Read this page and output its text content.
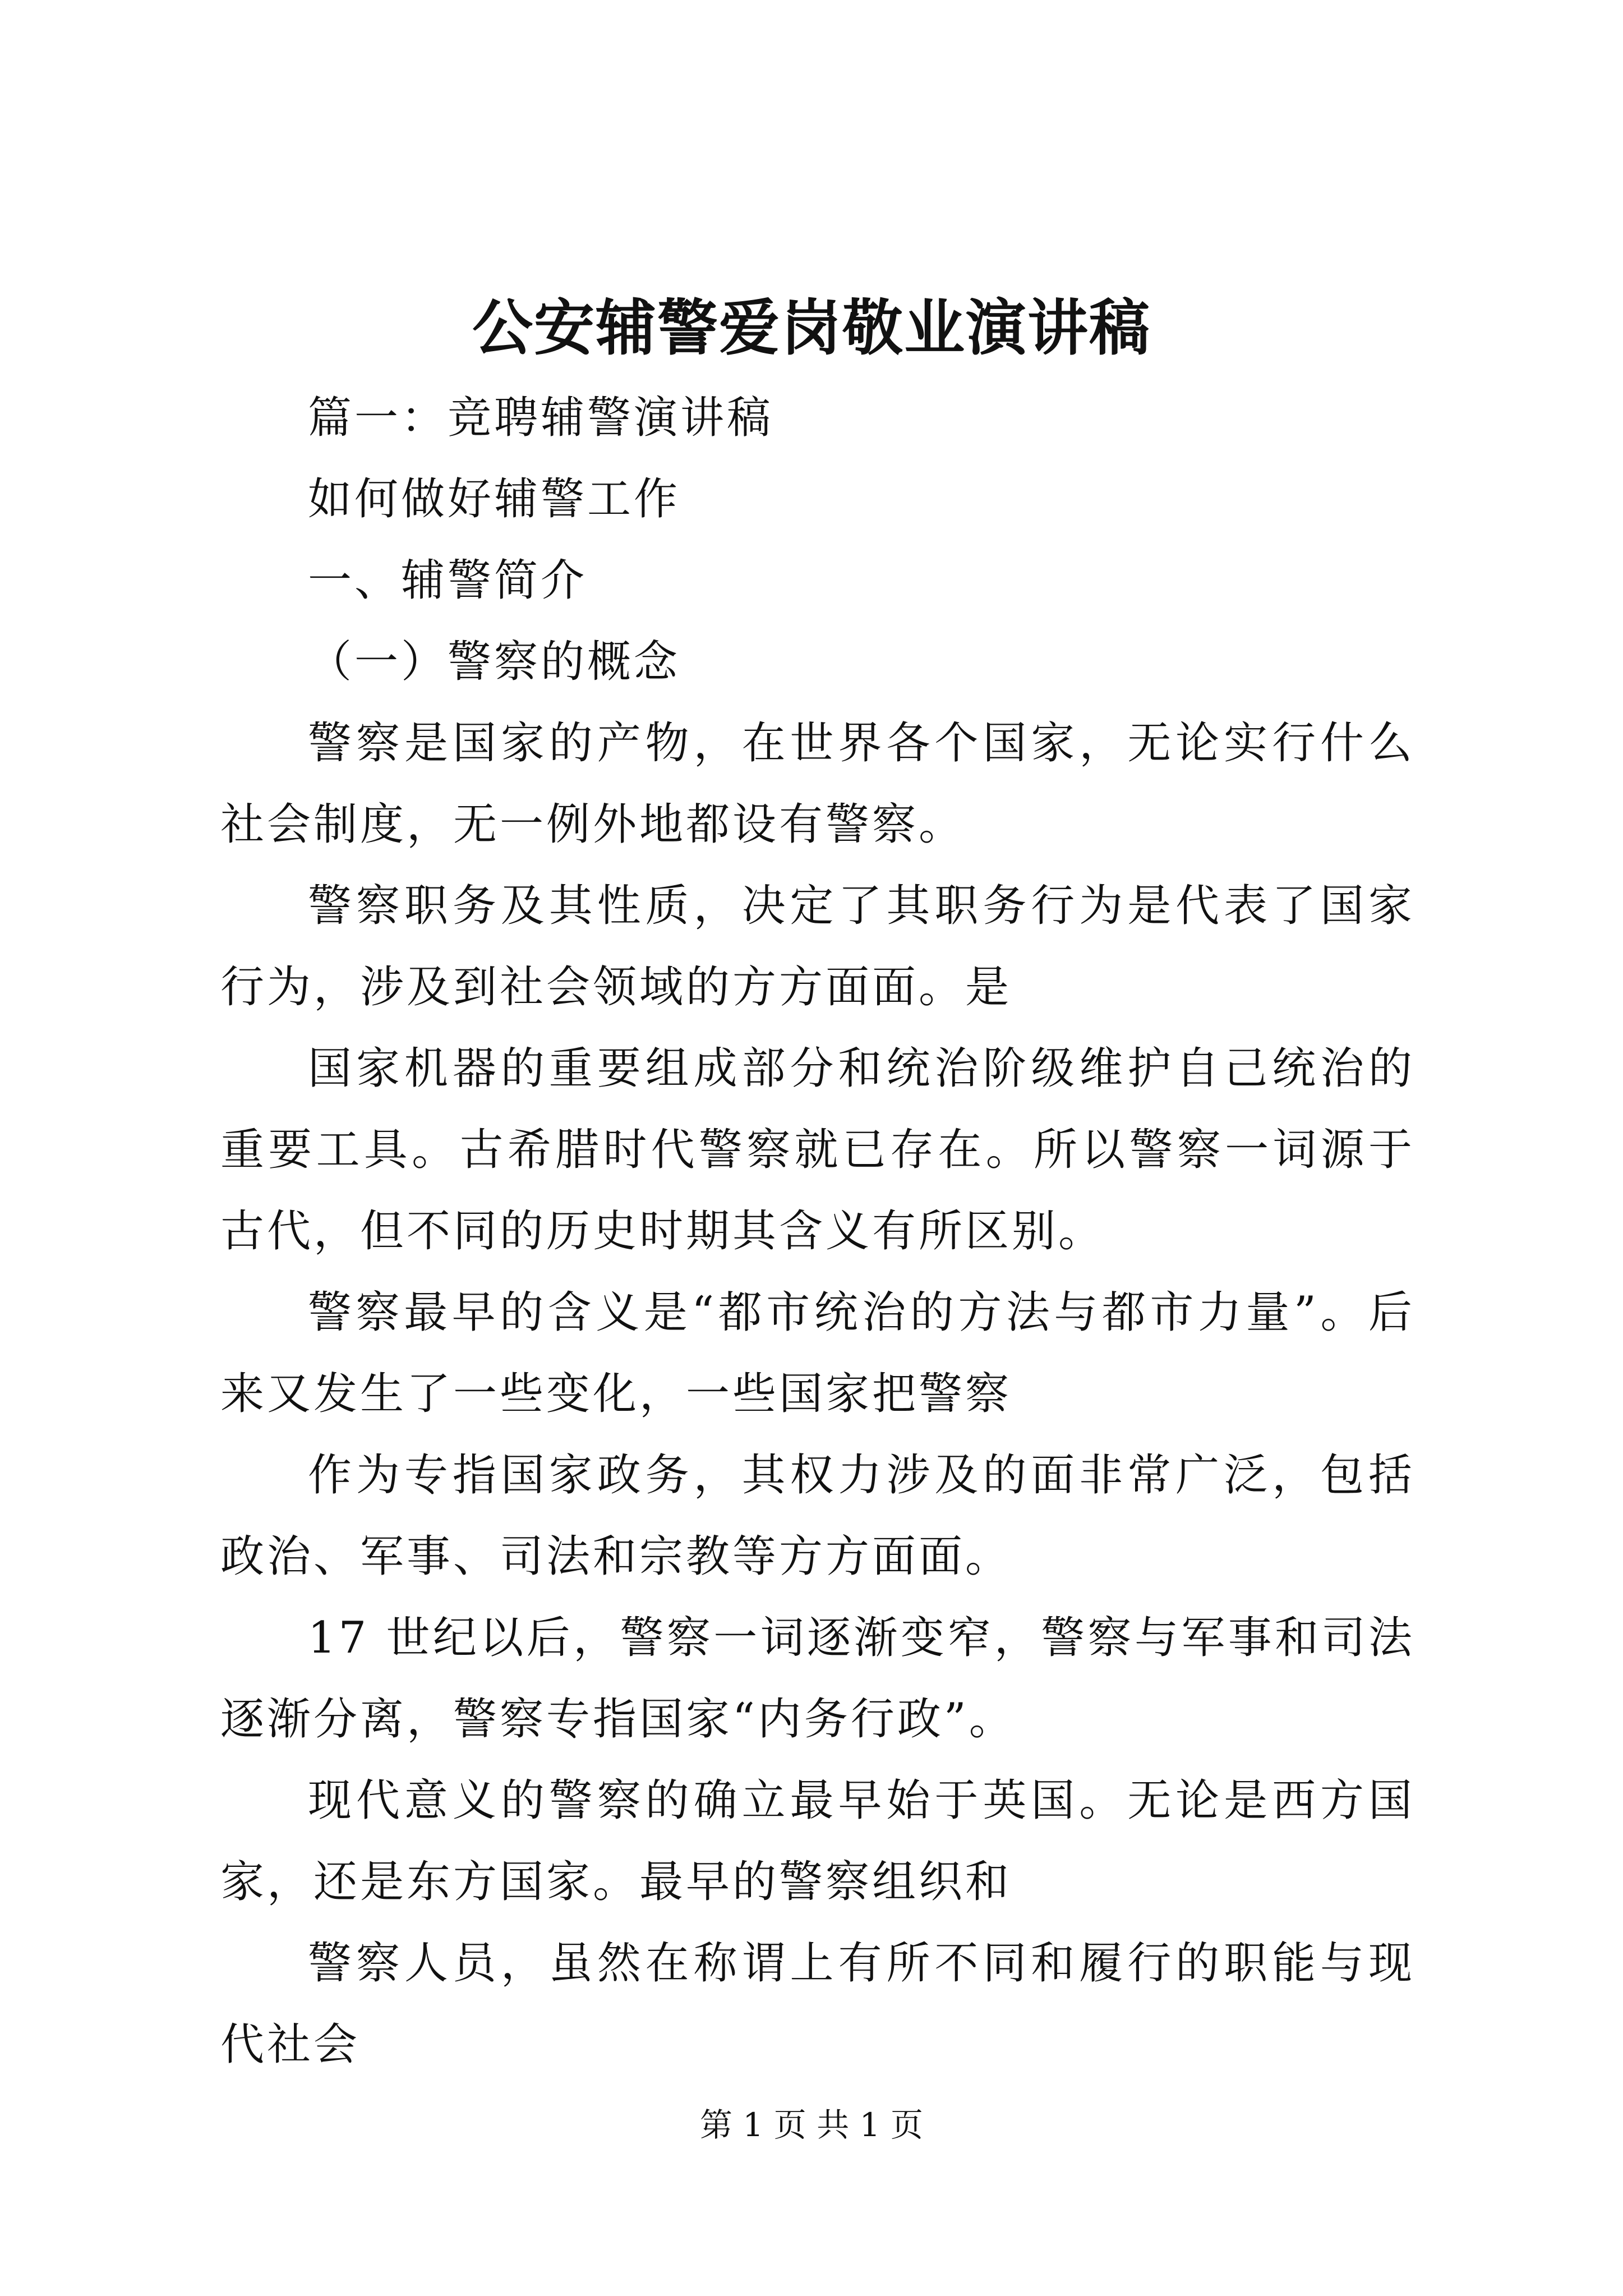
公安辅警爱岗敬业演讲稿

篇一：竞聘辅警演讲稿

如何做好辅警工作

一、辅警简介

（一）警察的概念

警察是国家的产物，在世界各个国家，无论实行什么社会制度，无一例外地都设有警察。

警察职务及其性质，决定了其职务行为是代表了国家行为，涉及到社会领域的方方面面。是

国家机器的重要组成部分和统治阶级维护自己统治的重要工具。古希腊时代警察就已存在。所以警察一词源于古代，但不同的历史时期其含义有所区别。

警察最早的含义是“都市统治的方法与都市力量”。后来又发生了一些变化，一些国家把警察

作为专指国家政务，其权力涉及的面非常广泛，包括政治、军事、司法和宗教等方方面面。

17 世纪以后，警察一词逐渐变窄，警察与军事和司法逐渐分离，警察专指国家“内务行政”。

现代意义的警察的确立最早始于英国。无论是西方国家，还是东方国家。最早的警察组织和

警察人员，虽然在称谓上有所不同和履行的职能与现代社会

第 1 页 共 1 页
